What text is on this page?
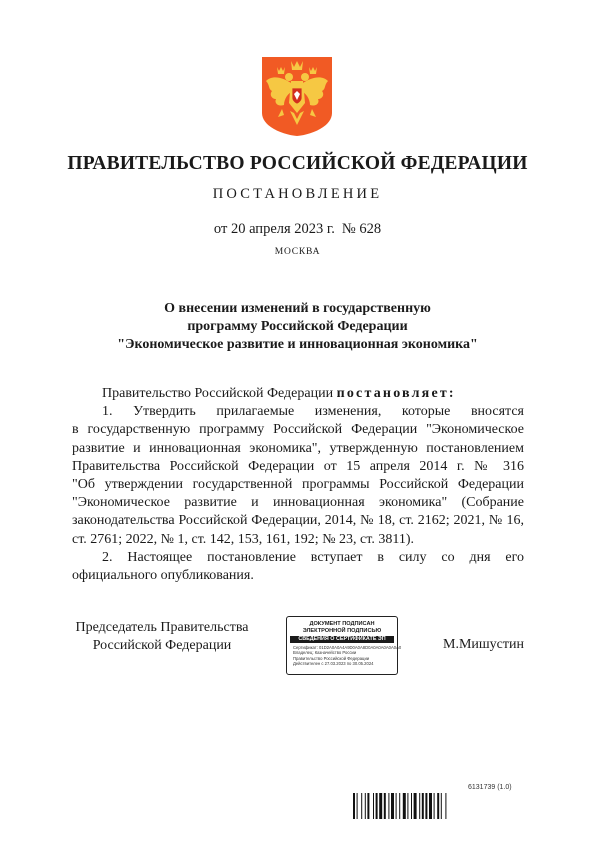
ПРАВИТЕЛЬСТВО РОССИЙСКОЙ ФЕДЕРАЦИИ
ПОСТАНОВЛЕНИЕ
от 20 апреля 2023 г. № 628
МОСКВА
О внесении изменений в государственную
программу Российской Федерации
"Экономическое развитие и инновационная экономика"

Правительство Российской Федерации постановляет:

1. Утвердить прилагаемые изменения, которые вносятся

в государственную программу Российской Федерации "Экономическое

развитие и инновационная экономика", утвержденную постановлением

Правительства Российской Федерации от 15 апреля 2014 г. № 316

"Об утверждении государственной программы Российской Федерации

"Экономическое развитие и инновационная экономика" (Собрание

законодательства Российской Федерации, 2014, № 18, ст. 2162; 2021, № 16,

ст. 2761; 2022, № 1, ст. 142, 153, 161, 192; № 23, ст. 3811).

2. Настоящее постановление вступает в силу со дня его

официального опубликования.

Председатель Правительства
Российской Федерации
ДОКУМЕНТ ПОДПИСАН
ЭЛЕКТРОННОЙ ПОДПИСЬЮ
СВЕДЕНИЯ О СЕРТИФИКАТЕ ЭП
Сертификат: 01D2A0A0A4A9D0A0A8D0A0A0A0A0A0A0
Владелец: Казначейство России
Правительство Российской Федерации
Действителен с 27.03.2023 по 30.05.2024
М.Мишустин
6131739 (1.0)
